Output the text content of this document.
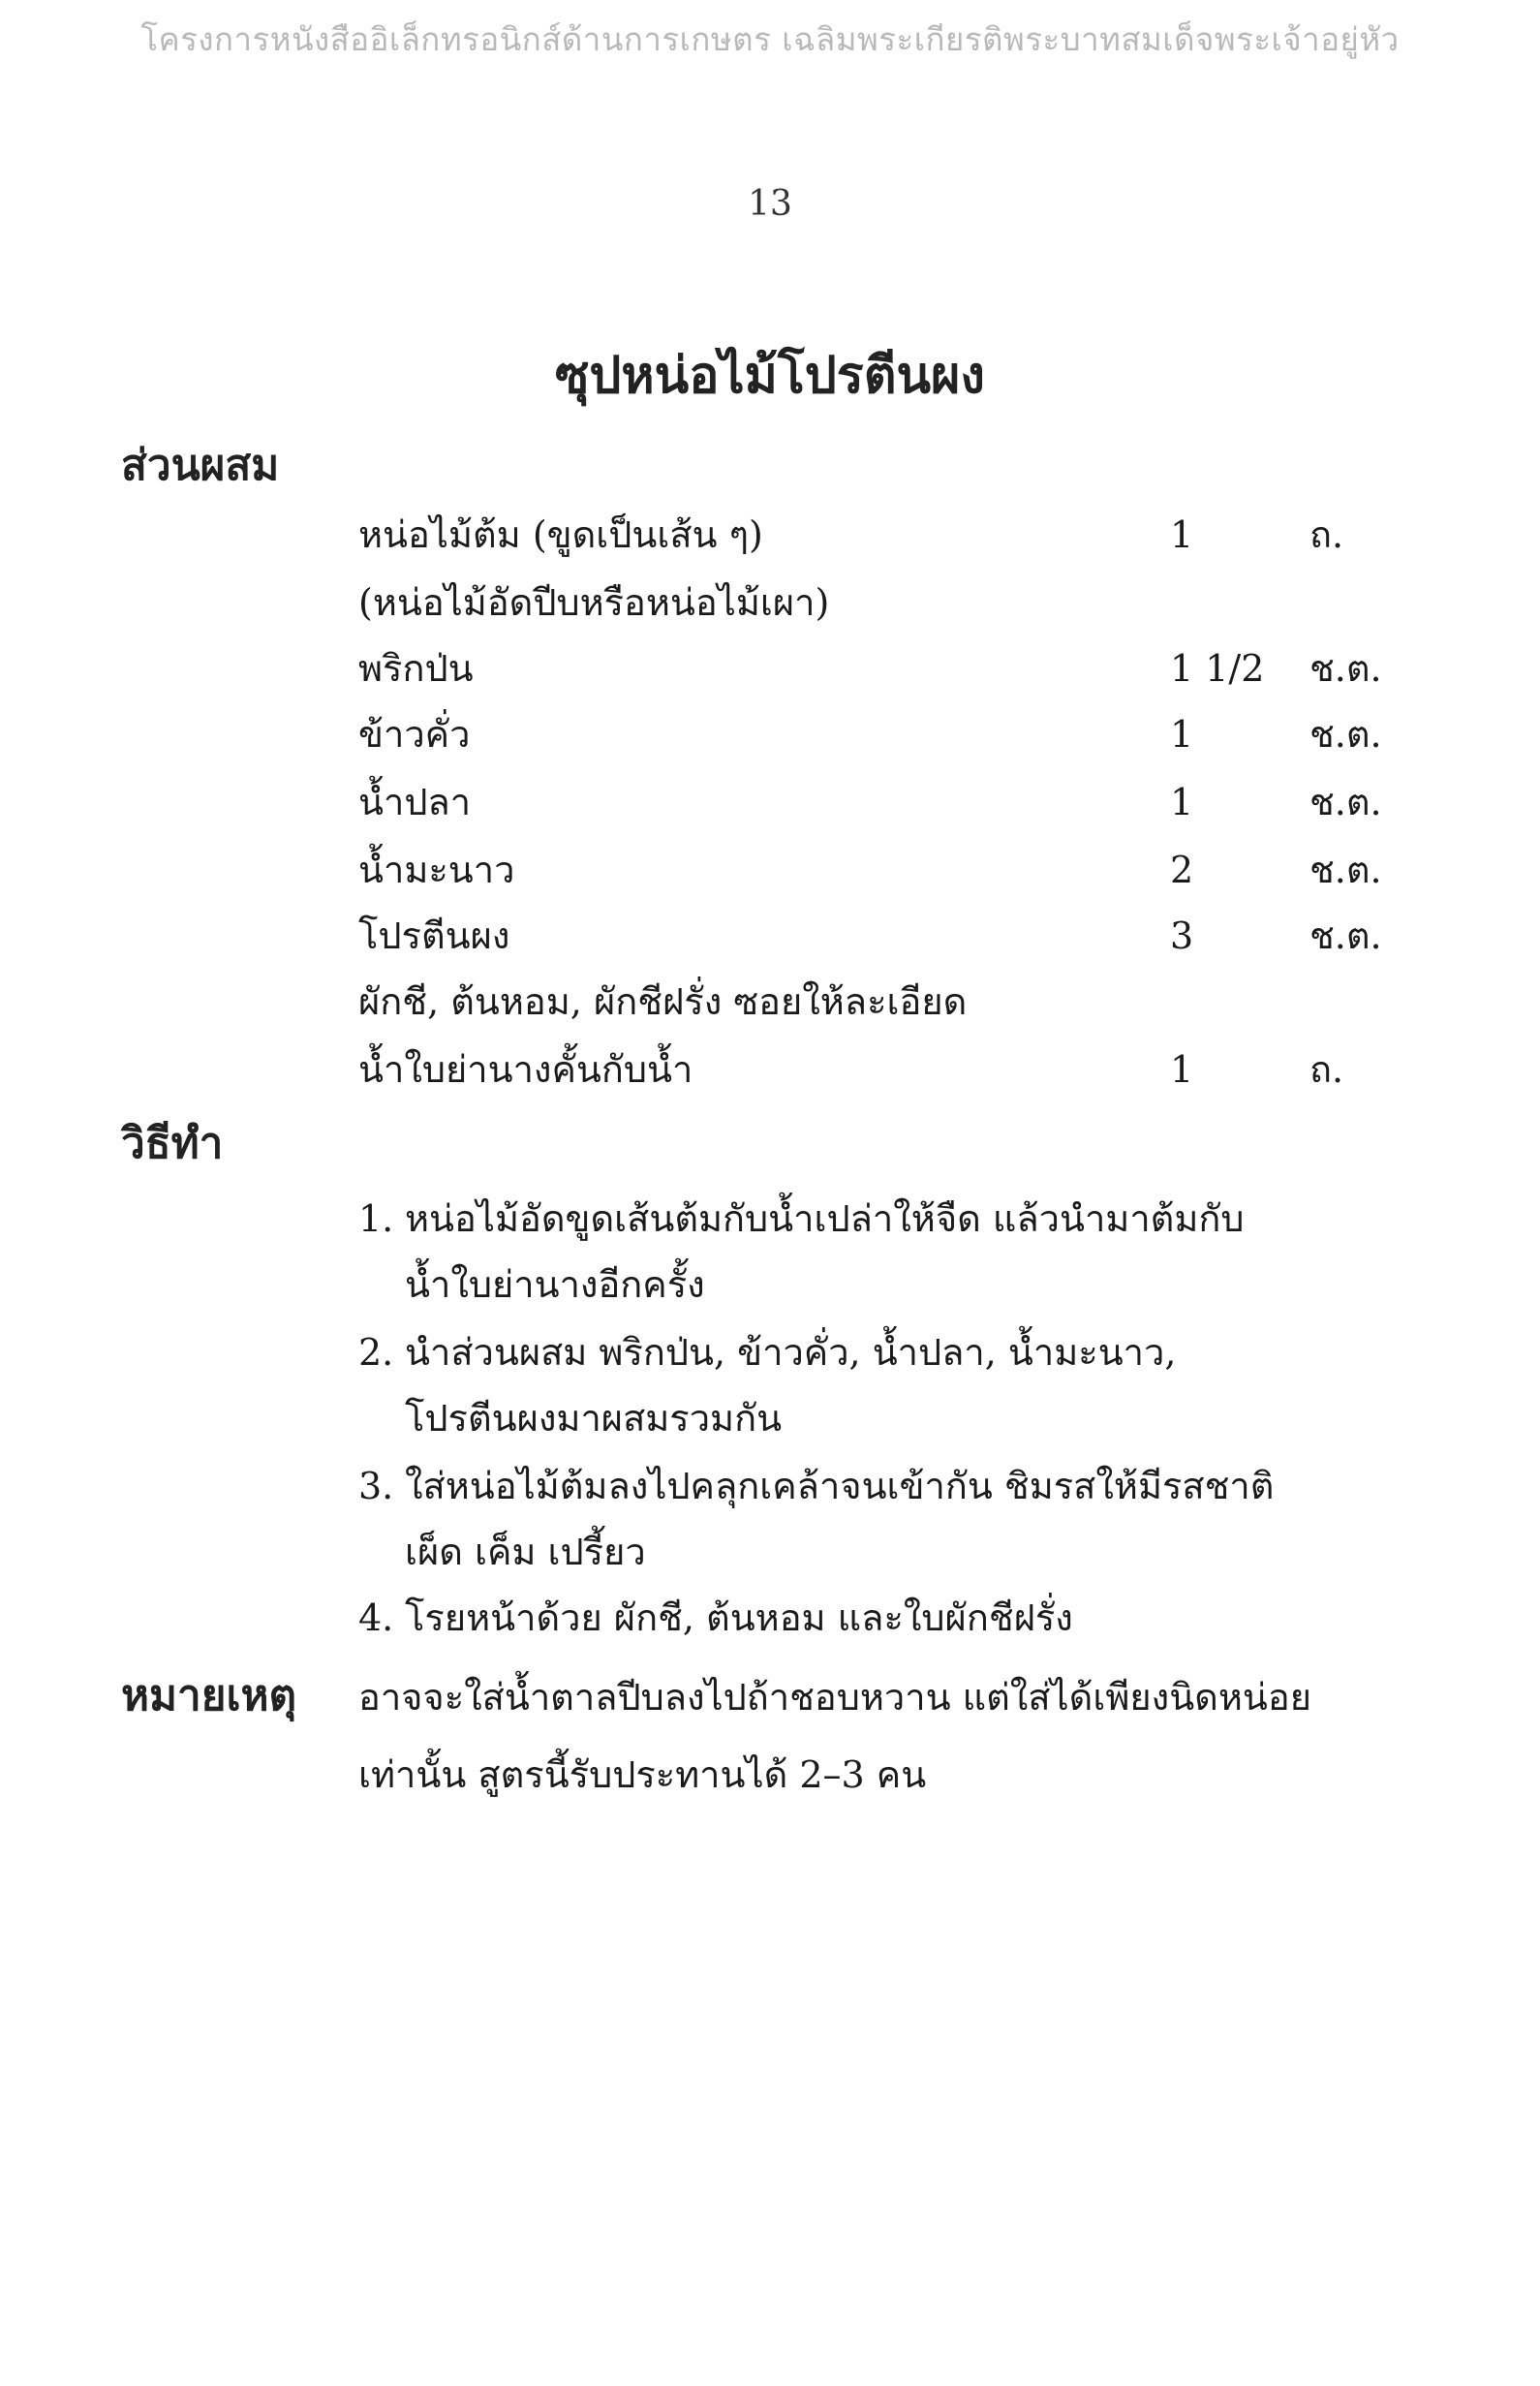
โครงการหนังสืออิเล็กทรอนิกส์ด้านการเกษตร เฉลิมพระเกียรติพระบาทสมเด็จพระเจ้าอยู่หัว
13
ซุปหน่อไม้โปรตีนผง
ส่วนผสม
หน่อไม้ต้ม (ขูดเป็นเส้น ๆ)	1	ถ.
(หน่อไม้อัดปีบหรือหน่อไม้เผา)
พริกป่น	1 1/2 ช.ต.
ข้าวคั่ว	1	ช.ต.
น้ำปลา	1	ช.ต.
น้ำมะนาว	2	ช.ต.
โปรตีนผง	3	ช.ต.
ผักชี, ต้นหอม, ผักชีฝรั่ง ซอยให้ละเอียด
น้ำใบย่านางคั้นกับน้ำ	1	ถ.
วิธีทำ
1. หน่อไม้อัดขูดเส้นต้มกับน้ำเปล่าให้จืด แล้วนำมาต้มกับน้ำใบย่านางอีกครั้ง
2. นำส่วนผสม พริกป่น, ข้าวคั่ว, น้ำปลา, น้ำมะนาว, โปรตีนผงมาผสมรวมกัน
3. ใส่หน่อไม้ต้มลงไปคลุกเคล้าจนเข้ากัน ชิมรสให้มีรสชาติ เผ็ด เค็ม เปรี้ยว
4. โรยหน้าด้วย ผักชี, ต้นหอม และใบผักชีฝรั่ง
หมายเหตุ อาจจะใส่น้ำตาลปีบลงไปถ้าชอบหวาน แต่ใส่ได้เพียงนิดหน่อยเท่านั้น สูตรนี้รับประทานได้ 2–3 คน
